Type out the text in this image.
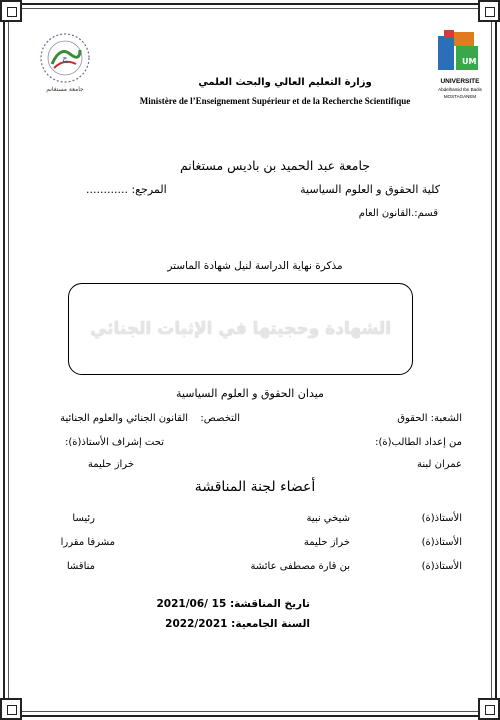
ج
جامعة مستغانم
UM
UNIVERSITE
Abdelhamid Ibn Badis
MOSTAGANEM
وزارة التعليم العالي والبحث العلمي
Ministère de l’Enseignement Supérieur et de la Recherche Scientifique
جامعة عبد الحميد بن باديس مستغانم
كلية الحقوق و العلوم السياسية
المرجع: ............
قسم:.القانون العام
مذكرة نهاية الدراسة لنيل شهادة الماستر
الشهادة وحجيتها في الإثبات الجنائي
ميدان الحقوق و العلوم السياسية
الشعبة: الحقوق
التخصص:  القانون الجنائي والعلوم الجنائية
من إعداد الطالب(ة):
تحت إشراف الأستاذ(ة):
عمران لبنة
خراز حليمة
أعضاء لجنة المناقشة
الأستاذ(ة)
شيخي نبية
رئيسا
الأستاذ(ة)
خراز حليمة
مشرفا مقررا
الأستاذ(ة)
بن قارة مصطفى عائشة
مناقشا
تاريخ المناقشة: 15 /2021/06
السنة الجامعية: 2022/2021
